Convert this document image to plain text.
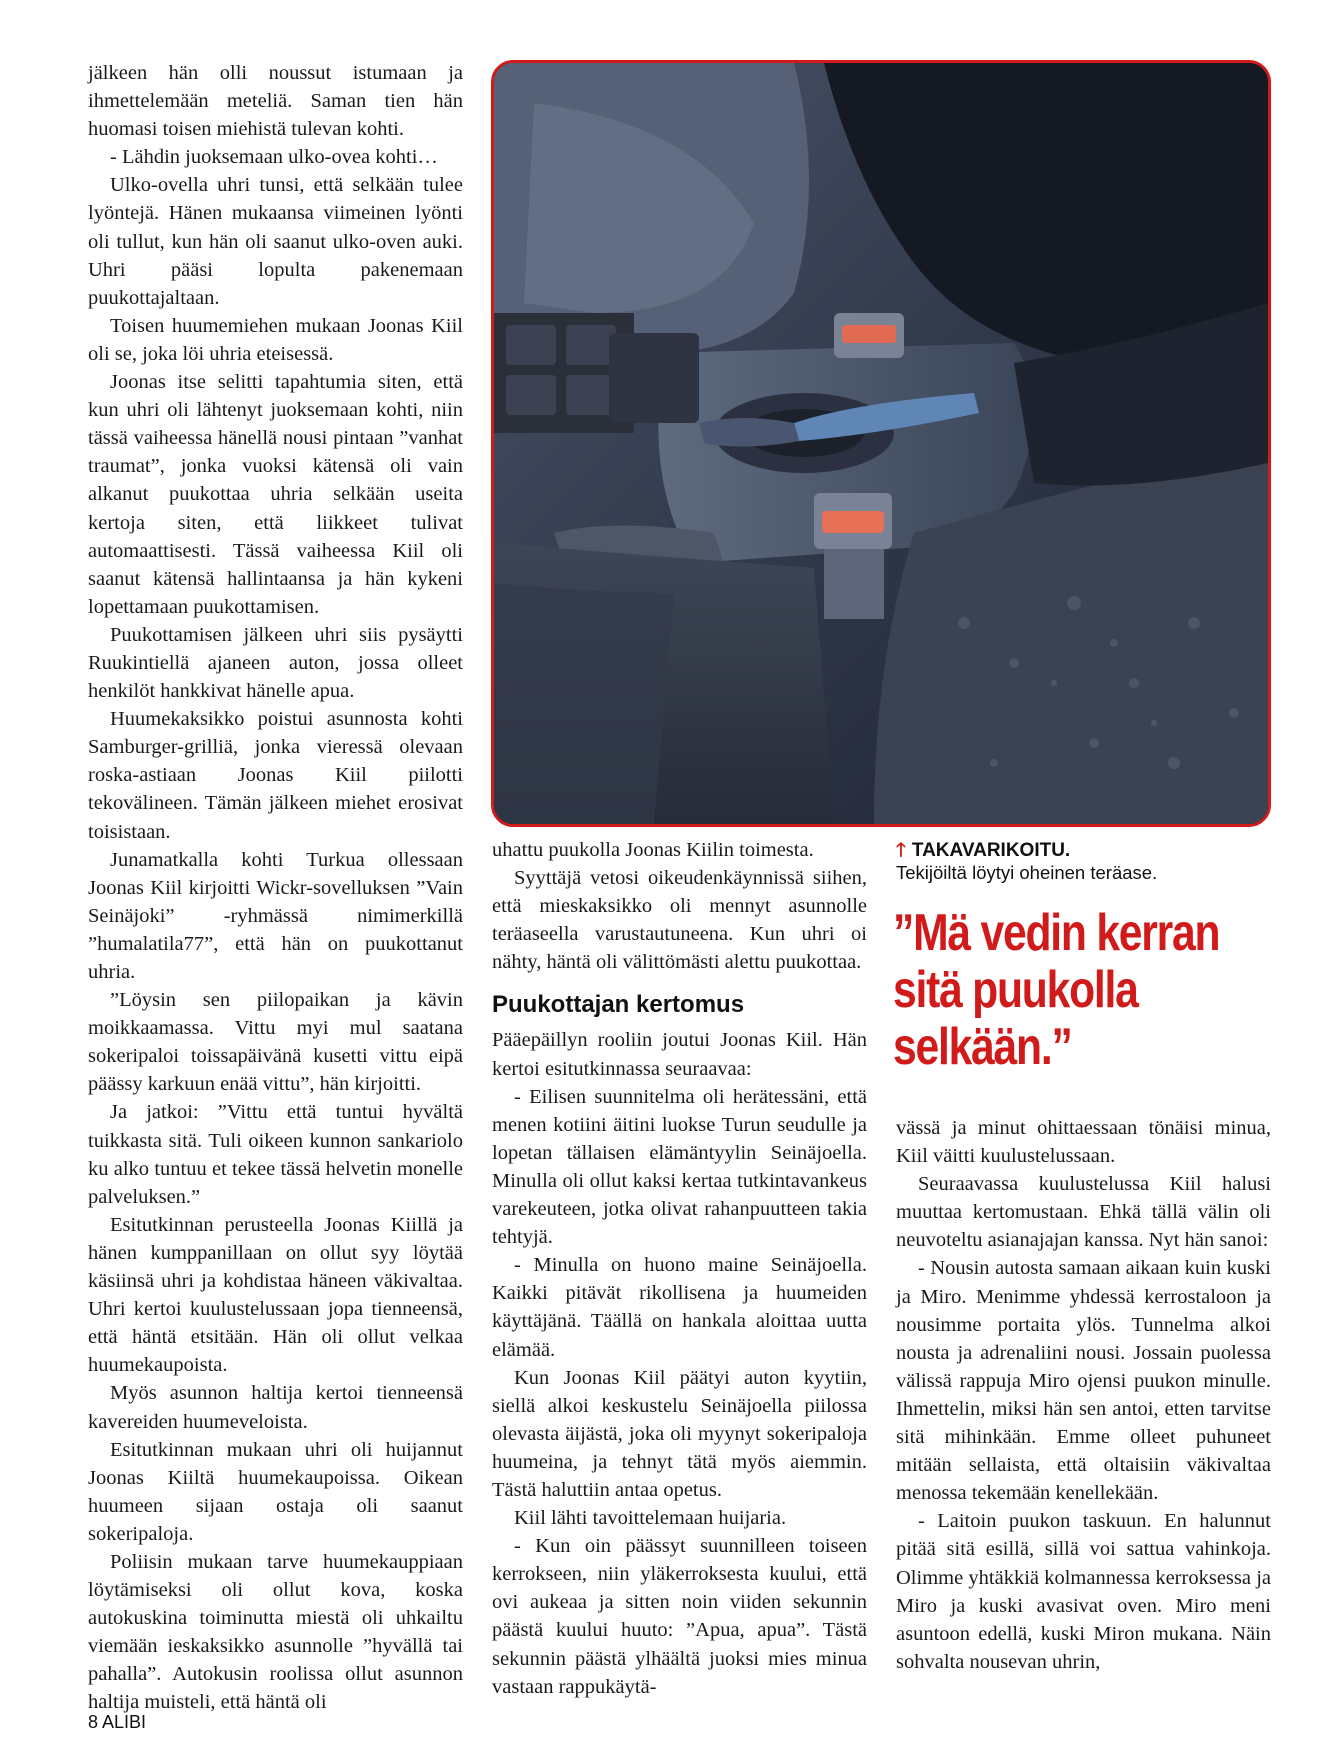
jälkeen hän olli noussut istumaan ja ihmettelemään meteliä. Saman tien hän huomasi toisen miehistä tulevan kohti.

- Lähdin juoksemaan ulko-ovea kohti…

Ulko-ovella uhri tunsi, että selkään tulee lyöntejä. Hänen mukaansa viimeinen lyönti oli tullut, kun hän oli saanut ulko-oven auki. Uhri pääsi lopulta pakenemaan puukottajaltaan.

Toisen huumemiehen mukaan Joonas Kiil oli se, joka löi uhria eteisessä.

Joonas itse selitti tapahtumia siten, että kun uhri oli lähtenyt juoksemaan kohti, niin tässä vaiheessa hänellä nousi pintaan ”vanhat traumat”, jonka vuoksi kätensä oli vain alkanut puukottaa uhria selkään useita kertoja siten, että liikkeet tulivat automaattisesti. Tässä vaiheessa Kiil oli saanut kätensä hallintaansa ja hän kykeni lopettamaan puukottamisen.

Puukottamisen jälkeen uhri siis pysäytti Ruukintiellä ajaneen auton, jossa olleet henkilöt hankkivat hänelle apua.

Huumekaksikko poistui asunnosta kohti Samburger-grilliä, jonka vieressä olevaan roska-astiaan Joonas Kiil piilotti tekovälineen. Tämän jälkeen miehet erosivat toisistaan.

Junamatkalla kohti Turkua ollessaan Joonas Kiil kirjoitti Wickr-sovelluksen ”Vain Seinäjoki” -ryhmässä nimimerkillä ”humalatila77”, että hän on puukottanut uhria.

”Löysin sen piilopaikan ja kävin moikkaamassa. Vittu myi mul saatana sokeripaloi toissapäivänä kusetti vittu eipä päässy karkuun enää vittu”, hän kirjoitti.

Ja jatkoi: ”Vittu että tuntui hyvältä tuikkasta sitä. Tuli oikeen kunnon sankariolo ku alko tuntuu et tekee tässä helvetin monelle palveluksen.”

Esitutkinnan perusteella Joonas Kiillä ja hänen kumppanillaan on ollut syy löytää käsiinsä uhri ja kohdistaa häneen väkivaltaa. Uhri kertoi kuulustelussaan jopa tienneensä, että häntä etsitään. Hän oli ollut velkaa huumekaupoista.

Myös asunnon haltija kertoi tienneensä kavereiden huumeveloista.

Esitutkinnan mukaan uhri oli huijannut Joonas Kiiltä huumekaupoissa. Oikean huumeen sijaan ostaja oli saanut sokeripaloja.

Poliisin mukaan tarve huumekauppiaan löytämiseksi oli ollut kova, koska autokuskina toiminutta miestä oli uhkailtu viemään ieskaksikko asunnolle ”hyvällä tai pahalla”. Autokusin roolissa ollut asunnon haltija muisteli, että häntä oli

uhattu puukolla Joonas Kiilin toimesta.

Syyttäjä vetosi oikeudenkäynnissä siihen, että mieskaksikko oli mennyt asunnolle teräaseella varustautuneena. Kun uhri oi nähty, häntä oli välittömästi alettu puukottaa.

Puukottajan kertomus

Pääepäillyn rooliin joutui Joonas Kiil. Hän kertoi esitutkinnassa seuraavaa:

- Eilisen suunnitelma oli herätessäni, että menen kotiini äitini luokse Turun seudulle ja lopetan tällaisen elämäntyylin Seinäjoella. Minulla oli ollut kaksi kertaa tutkintavankeus varekeuteen, jotka olivat rahanpuutteen takia tehtyjä.

- Minulla on huono maine Seinäjoella. Kaikki pitävät rikollisena ja huumeiden käyttäjänä. Täällä on hankala aloittaa uutta elämää.

Kun Joonas Kiil päätyi auton kyytiin, siellä alkoi keskustelu Seinäjoella piilossa olevasta äijästä, joka oli myynyt sokeripaloja huumeina, ja tehnyt tätä myös aiemmin. Tästä haluttiin antaa opetus.

Kiil lähti tavoittelemaan huijaria.

- Kun oin päässyt suunnilleen toiseen kerrokseen, niin yläkerroksesta kuului, että ovi aukeaa ja sitten noin viiden sekunnin päästä kuului huuto: ”Apua, apua”. Tästä sekunnin päästä ylhäältä juoksi mies minua vastaan rappukäytä-

🡑 TAKAVARIKOITU.
Tekijöiltä löytyi oheinen teräase.
”Mä vedin kerran sitä puukolla selkään.”

vässä ja minut ohittaessaan tönäisi minua, Kiil väitti kuulustelussaan.

Seuraavassa kuulustelussa Kiil halusi muuttaa kertomustaan. Ehkä tällä välin oli neuvoteltu asianajajan kanssa. Nyt hän sanoi:

- Nousin autosta samaan aikaan kuin kuski ja Miro. Menimme yhdessä kerrostaloon ja nousimme portaita ylös. Tunnelma alkoi nousta ja adrenaliini nousi. Jossain puolessa välissä rappuja Miro ojensi puukon minulle. Ihmettelin, miksi hän sen antoi, etten tarvitse sitä mihinkään. Emme olleet puhuneet mitään sellaista, että oltaisiin väkivaltaa menossa tekemään kenellekään.

- Laitoin puukon taskuun. En halunnut pitää sitä esillä, sillä voi sattua vahinkoja. Olimme yhtäkkiä kolmannessa kerroksessa ja Miro ja kuski avasivat oven. Miro meni asuntoon edellä, kuski Miron mukana. Näin sohvalta nousevan uhrin,

8 ALIBI
